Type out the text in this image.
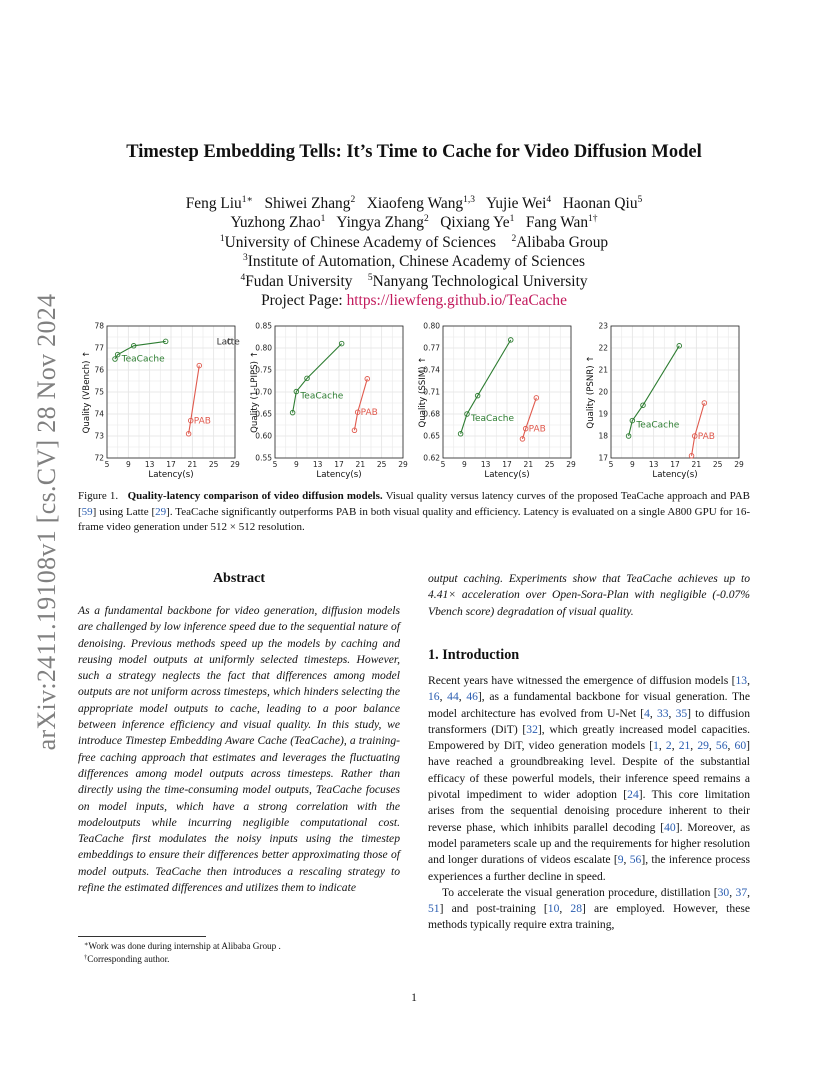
arXiv:2411.19108v1 [cs.CV] 28 Nov 2024
Timestep Embedding Tells: It’s Time to Cache for Video Diffusion Model
Feng Liu$^{1∗}$ Shiwei Zhang$^2$ Xiaofeng Wang$^{1,3}$ Yujie Wei$^4$ Haonan Qiu$^5$
Yuzhong Zhao$^1$ Yingya Zhang$^2$ Qixiang Ye$^1$ Fang Wan$^{1\dagger}$
$^1$University of Chinese Academy of Sciences $^2$Alibaba Group
$^3$Institute of Automation, Chinese Academy of Sciences
$^4$Fudan University $^5$Nanyang Technological University
Project Page: https://liewfeng.github.io/TeaCache
5 9 13 17 21 25 29
72
73
74
75
76
77
78
Latency(s)
Quality (VBench) ↑	TeaCache
PAB
Latte
5 9 13 17 21 25 29
0.55
0.60
0.65
0.70
0.75
0.80
0.85
Latency(s)
Quality (1-LPIPS) ↑	TeaCache
PAB
5 9 13 17 21 25 29
0.62
0.65
0.68
0.71
0.74
0.77
0.80
Latency(s)
Quality (SSIM) ↑	TeaCache
PAB
5 9 13 17 21 25 29
17
18
19
20
21
22
23
Latency(s)
Quality (PSNR) ↑	TeaCache
PAB
Figure 1. Quality-latency comparison of video diffusion models. Visual quality versus latency curves of the proposed TeaCache approach and PAB [59] using Latte [29]. TeaCache significantly outperforms PAB in both visual quality and efficiency. Latency is evaluated on a single A800 GPU for 16-frame video generation under 512 × 512 resolution.
Abstract
As a fundamental backbone for video generation, diffusion models are challenged by low inference speed due to the sequential nature of denoising. Previous methods speed up the models by caching and reusing model outputs at uniformly selected timesteps. However, such a strategy neglects the fact that differences among model outputs are not uniform across timesteps, which hinders selecting the appropriate model outputs to cache, leading to a poor balance between inference efficiency and visual quality. In this study, we introduce Timestep Embedding Aware Cache (TeaCache), a training-free caching approach that estimates and leverages the fluctuating differences among model outputs across timesteps. Rather than directly using the time-consuming model outputs, TeaCache focuses on model inputs, which have a strong correlation with the modeloutputs while incurring negligible computational cost. TeaCache first modulates the noisy inputs using the timestep embeddings to ensure their differences better approximating those of model outputs. TeaCache then introduces a rescaling strategy to refine the estimated differences and utilizes them to indicate
output caching. Experiments show that TeaCache achieves up to 4.41× acceleration over Open-Sora-Plan with negligible (-0.07% Vbench score) degradation of visual quality.
1. Introduction

Recent years have witnessed the emergence of diffusion models [13, 16, 44, 46], as a fundamental backbone for visual generation. The model architecture has evolved from U-Net [4, 33, 35] to diffusion transformers (DiT) [32], which greatly increased model capacities. Empowered by DiT, video generation models [1, 2, 21, 29, 56, 60] have reached a groundbreaking level. Despite of the substantial efficacy of these powerful models, their inference speed remains a pivotal impediment to wider adoption [24]. This core limitation arises from the sequential denoising procedure inherent to their reverse phase, which inhibits parallel decoding [40]. Moreover, as model parameters scale up and the requirements for higher resolution and longer durations of videos escalate [9, 56], the inference process experiences a further decline in speed.

To accelerate the visual generation procedure, distillation [30, 37, 51] and post-training [10, 28] are employed. However, these methods typically require extra training,

∗Work was done during internship at Alibaba Group .
†Corresponding author.
1
